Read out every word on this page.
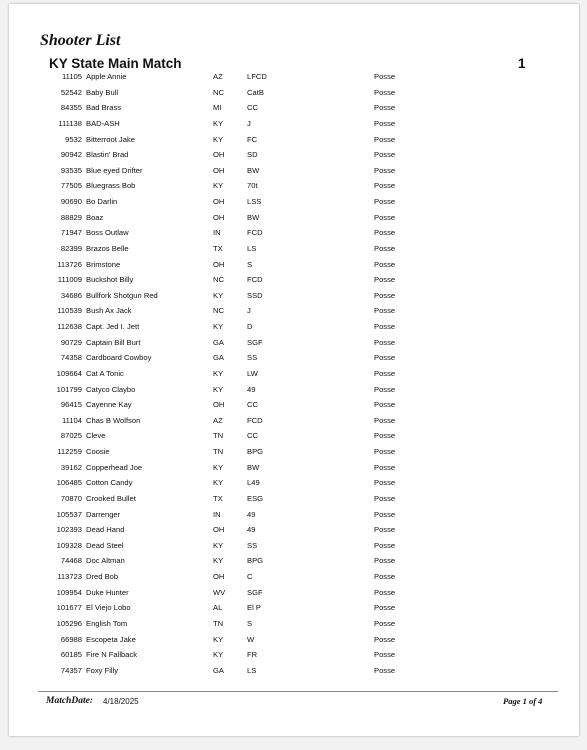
Shooter List
KY State Main Match	1
11105 Apple Annie	AZ	LFCD	Posse
52542 Baby Bull	NC	CatB	Posse
84355 Bad Brass	MI	CC	Posse
111138 BAD-ASH	KY	J	Posse
9532 Bitterroot Jake	KY	FC	Posse
90942 Blastin' Brad	OH	SD	Posse
93535 Blue eyed Drifter	OH	BW	Posse
77505 Bluegrass Bob	KY	70t	Posse
90690 Bo Darlin	OH	LSS	Posse
88829 Boaz	OH	BW	Posse
71947 Boss Outlaw	IN	FCD	Posse
82399 Brazos Belle	TX	LS	Posse
113726 Brimstone	OH	S	Posse
111009 Buckshot Billy	NC	FCD	Posse
34686 Bullfork Shotgun Red	KY	SSD	Posse
110539 Bush Ax Jack	NC	J	Posse
112638 Capt. Jed I. Jett	KY	D	Posse
90729 Captain Bill Burt	GA	SGF	Posse
74358 Cardboard Cowboy	GA	SS	Posse
109664 Cat A Tonic	KY	LW	Posse
101799 Catyco Claybo	KY	49	Posse
96415 Cayenne Kay	OH	CC	Posse
11104 Chas B Wolfson	AZ	FCD	Posse
87025 Cleve	TN	CC	Posse
112259 Coosie	TN	BPG	Posse
39162 Copperhead Joe	KY	BW	Posse
106485 Cotton Candy	KY	L49	Posse
70870 Crooked Bullet	TX	ESG	Posse
105537 Darrenger	IN	49	Posse
102393 Dead Hand	OH	49	Posse
109328 Dead Steel	KY	SS	Posse
74468 Doc Altman	KY	BPG	Posse
113723 Dred Bob	OH	C	Posse
109954 Duke Hunter	WV	SGF	Posse
101677 El Viejo Lobo	AL	El P	Posse
105296 English Tom	TN	S	Posse
66988 Escopeta Jake	KY	W	Posse
60185 Fire N Fallback	KY	FR	Posse
74357 Foxy Filly	GA	LS	Posse
MatchDate: 4/18/2025	Page 1 of 4
